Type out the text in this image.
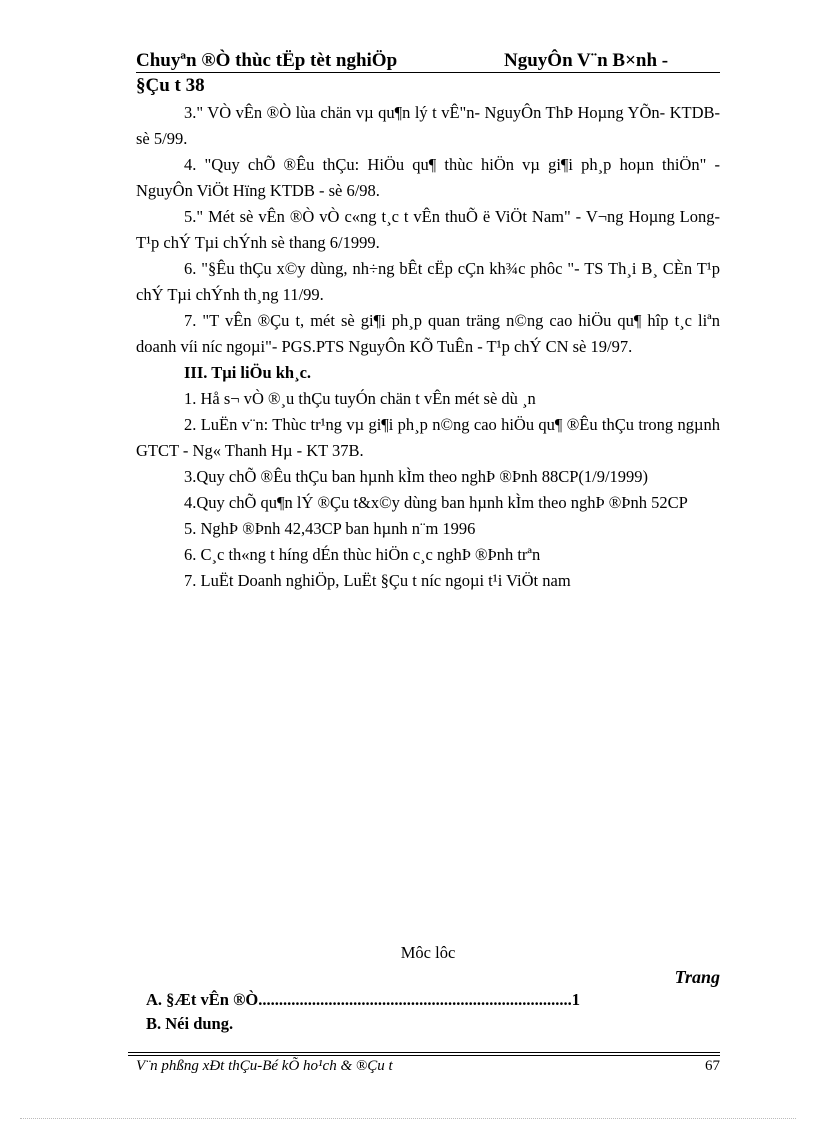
Chuyªn ®Ò thùc tËp tèt nghiÖp	NguyÔn V¨n B×nh -
§Çu t 38

3." VÒ vÊn ®Ò lùa chän vµ qu¶n lý t vÊ"n- NguyÔn ThÞ Hoµng YÕn- KTDB- sè 5/99.

4. "Quy chÕ ®Êu thÇu: HiÖu qu¶ thùc hiÖn vµ gi¶i ph¸p hoµn thiÖn" - NguyÔn ViÖt Hïng KTDB - sè 6/98.

5." Mét sè vÊn ®Ò vÒ c«ng t¸c t vÊn thuÕ ë ViÖt Nam" - V¬ng Hoµng Long- T¹p chÝ Tµi chÝnh sè thang 6/1999.

6. "§Êu thÇu x©y dùng, nh÷ng bÊt cËp cÇn kh¾c phôc "- TS Th¸i B¸ CÈn T¹p chÝ Tµi chÝnh th¸ng 11/99.

7. "T vÊn ®Çu t, mét sè gi¶i ph¸p quan träng n©ng cao hiÖu qu¶ hîp t¸c liªn doanh víi níc ngoµi"- PGS.PTS NguyÔn KÕ TuÊn - T¹p chÝ CN sè 19/97.

III. Tµi liÖu kh¸c.

1. Hå s¬ vÒ ®¸u thÇu tuyÓn chän t vÊn mét sè dù ¸n

2. LuËn v¨n: Thùc tr¹ng vµ gi¶i ph¸p n©ng cao hiÖu qu¶ ®Êu thÇu trong ngµnh GTCT - Ng« Thanh Hµ - KT 37B.

3.Quy chÕ ®Êu thÇu ban hµnh kÌm theo nghÞ ®Þnh 88CP(1/9/1999)

4.Quy chÕ qu¶n lÝ ®Çu t&x©y dùng ban hµnh kÌm theo nghÞ ®Þnh 52CP

5. NghÞ ®Þnh 42,43CP ban hµnh n¨m 1996

6. C¸c th«ng t híng dÉn thùc hiÖn c¸c nghÞ ®Þnh trªn

7. LuËt Doanh nghiÖp, LuËt §Çu t níc ngoµi t¹i ViÖt nam

Môc lôc
Trang
A. §Æt vÊn ®Ò............................................................................1
B. Néi dung.
V¨n phßng xÐt thÇu-Bé kÕ ho¹ch & ®Çu t	67
